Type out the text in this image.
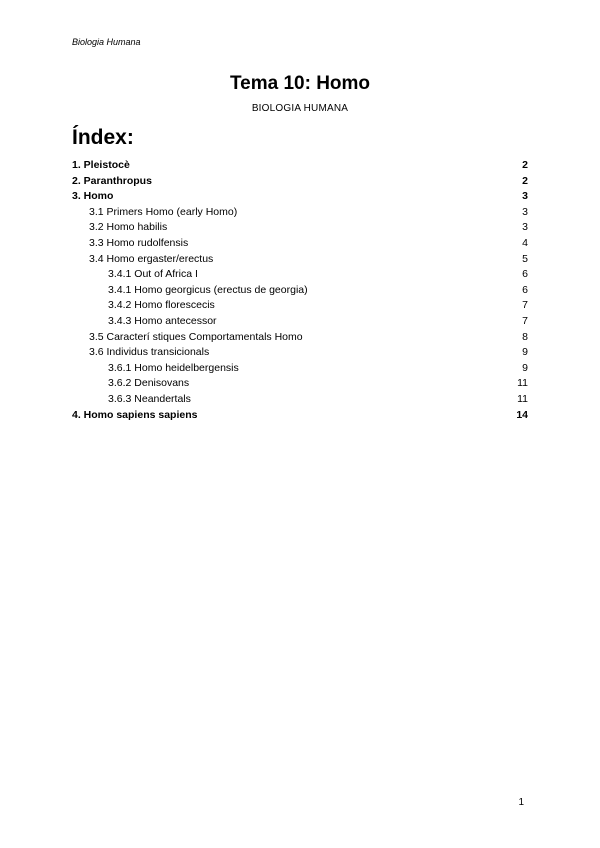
Biologia Humana
Tema 10: Homo
BIOLOGIA HUMANA
Índex:
1. Pleistocè	2
2. Paranthropus	2
3. Homo	3
3.1 Primers Homo (early Homo)	3
3.2 Homo habilis	3
3.3 Homo rudolfensis	4
3.4 Homo ergaster/erectus	5
3.4.1 Out of Africa I	6
3.4.1 Homo georgicus (erectus de georgia)	6
3.4.2 Homo florescecis	7
3.4.3 Homo antecessor	7
3.5 Caracterí stiques Comportamentals Homo	8
3.6 Individus transicionals	9
3.6.1 Homo heidelbergensis	9
3.6.2 Denisovans	11
3.6.3 Neandertals	11
4. Homo sapiens sapiens	14
1
